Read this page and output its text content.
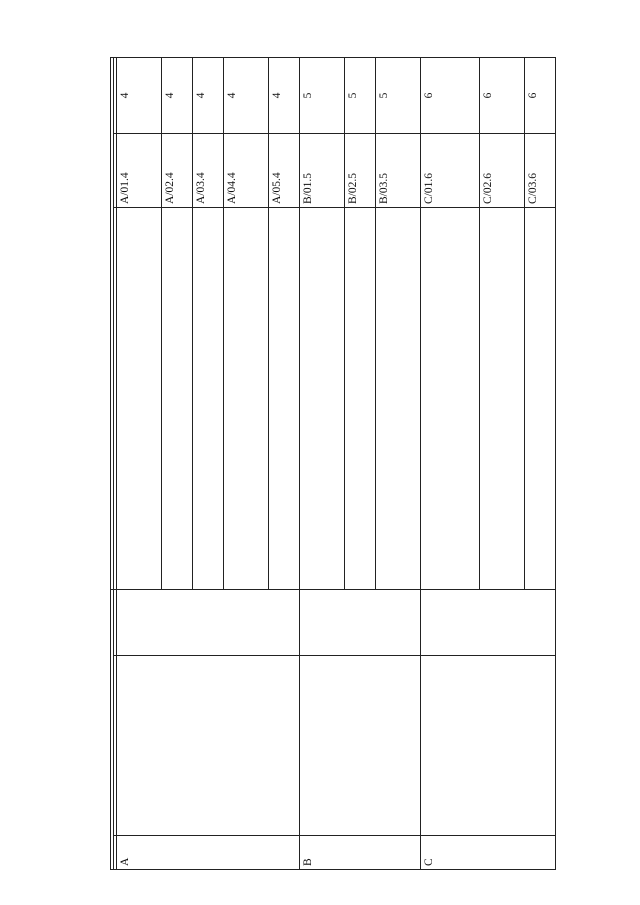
A				A/01.4	4
				A/02.4	4
				A/03.4	4
				A/04.4	4
				A/05.4	4
B				B/01.5	5
				B/02.5	5
				B/03.5	5
C				C/01.6	6
				C/02.6	6
				C/03.6	6
